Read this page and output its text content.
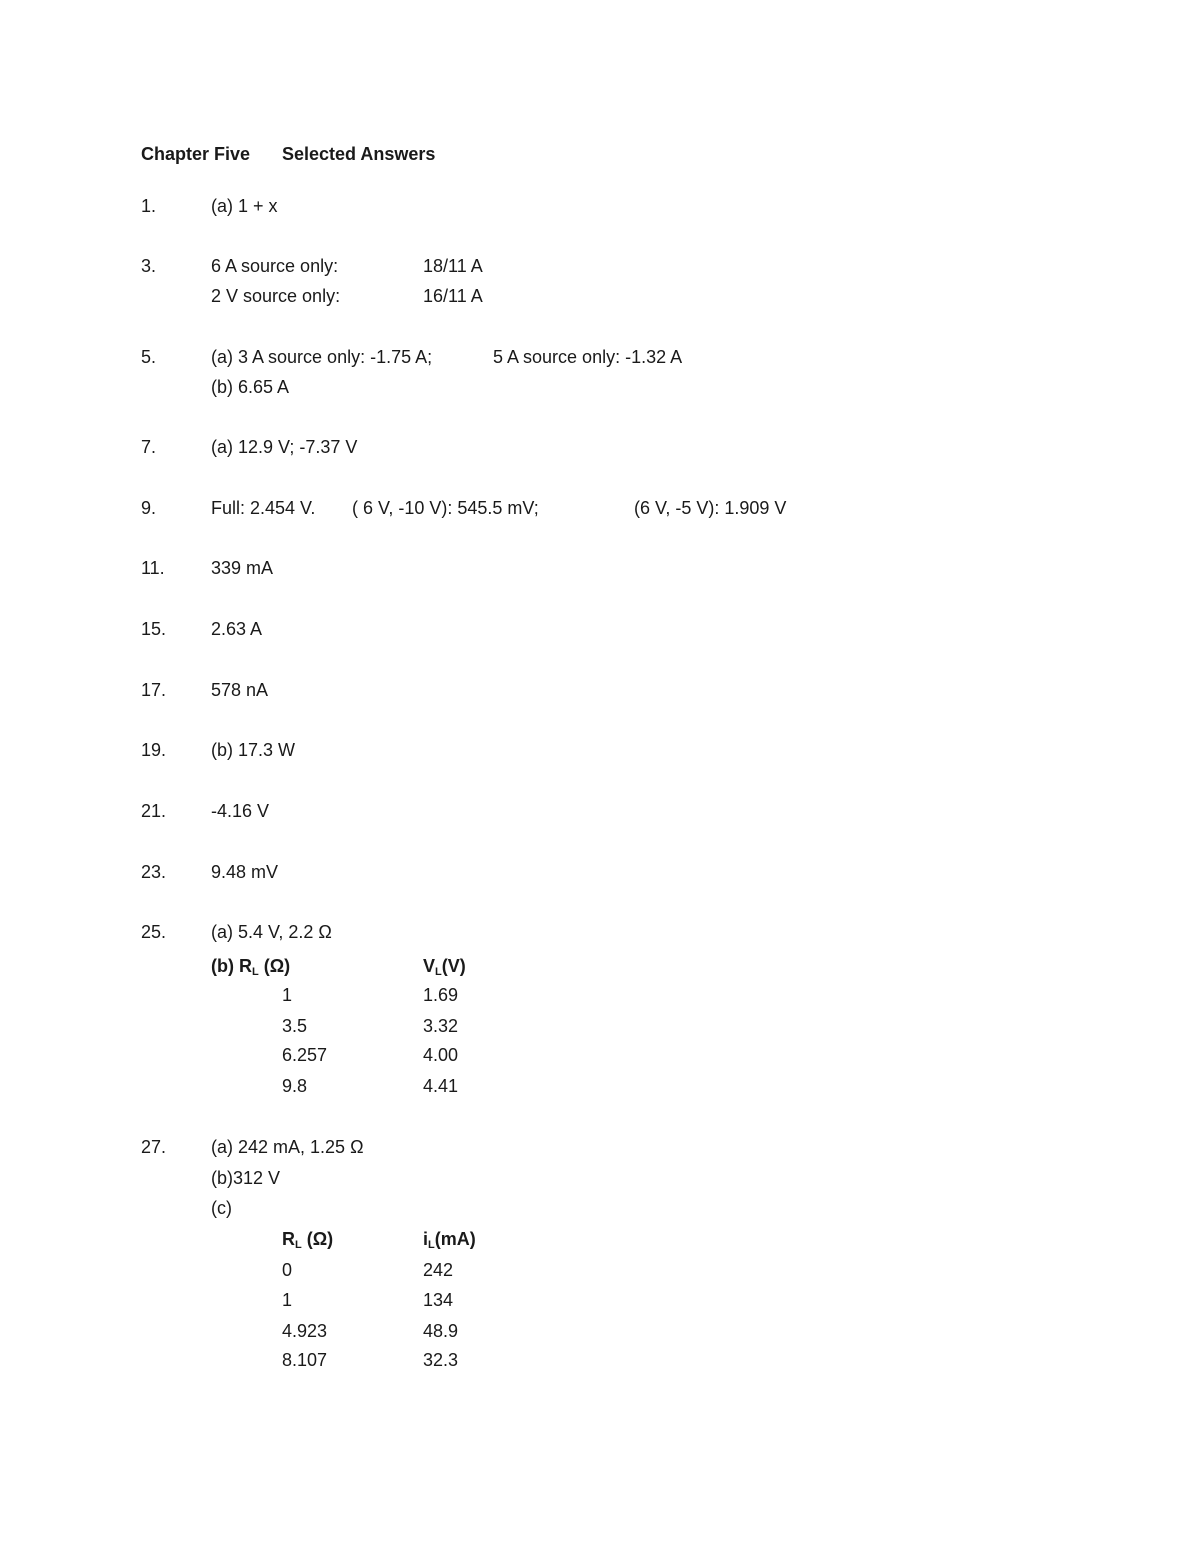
Chapter Five Selected Answers
1.	(a) 1 + x
3.	6 A source only:	18/11 A
2 V source only:	16/11 A
5.	(a) 3 A source only: -1.75 A;	5 A source only: -1.32 A
(b) 6.65 A
7.	(a) 12.9 V; -7.37 V
9.	Full: 2.454 V. ( 6 V, -10 V): 545.5 mV;	(6 V, -5 V): 1.909 V
11.	339 mA
15. 2.63 A
17. 578 nA
19. (b) 17.3 W
21. -4.16 V
23. 9.48 mV
25. (a) 5.4 V, 2.2 Ω
(b) $R_L$ (Ω)	$V_L(V)$
1	1.69
3.5	3.32
6.257	4.00
9.8	4.41
27. (a) 242 mA, 1.25 Ω
(b)312 V
(c)
$R_L$ (Ω)	$i_L(mA)$
0	242
1	134
4.923	48.9
8.107	32.3
